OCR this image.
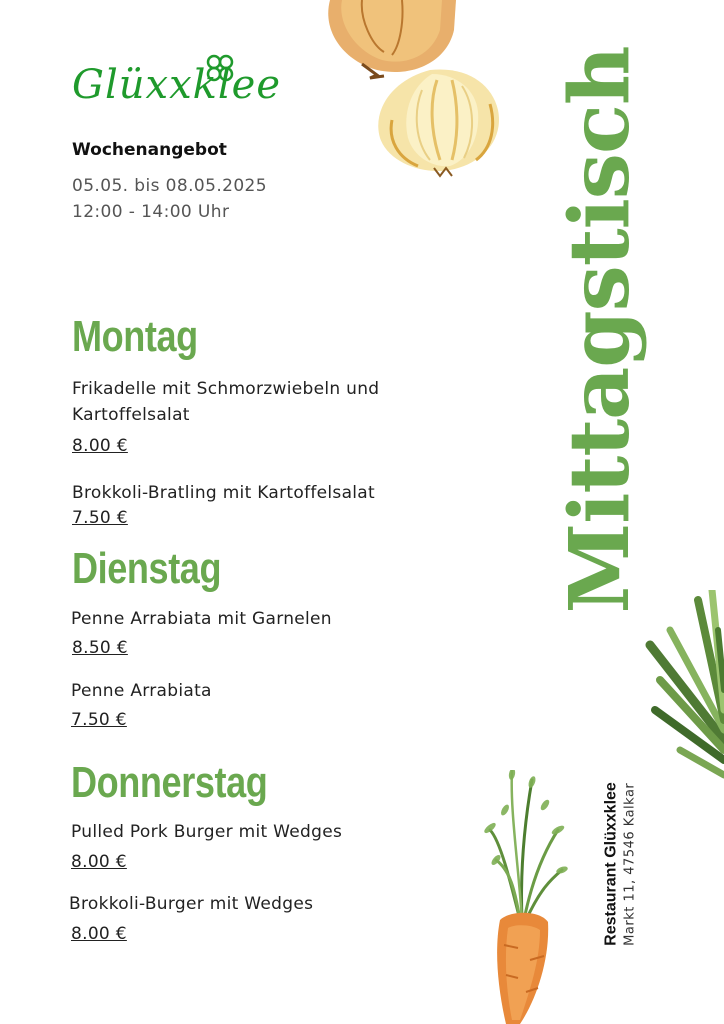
Glüxxklee
Wochenangebot
05.05. bis 08.05.2025
12:00 - 14:00 Uhr
Montag
Frikadelle mit Schmorzwiebeln und
Kartoffelsalat
8.00 €
Brokkoli-Bratling mit Kartoffelsalat
7.50 €
Dienstag
Penne Arrabiata mit Garnelen
8.50 €
Penne Arrabiata
7.50 €
Donnerstag
Pulled Pork Burger mit Wedges
8.00 €
Brokkoli-Burger mit Wedges
8.00 €
Mittagstisch
Restaurant Glüxxklee Markt 11, 47546 Kalkar
